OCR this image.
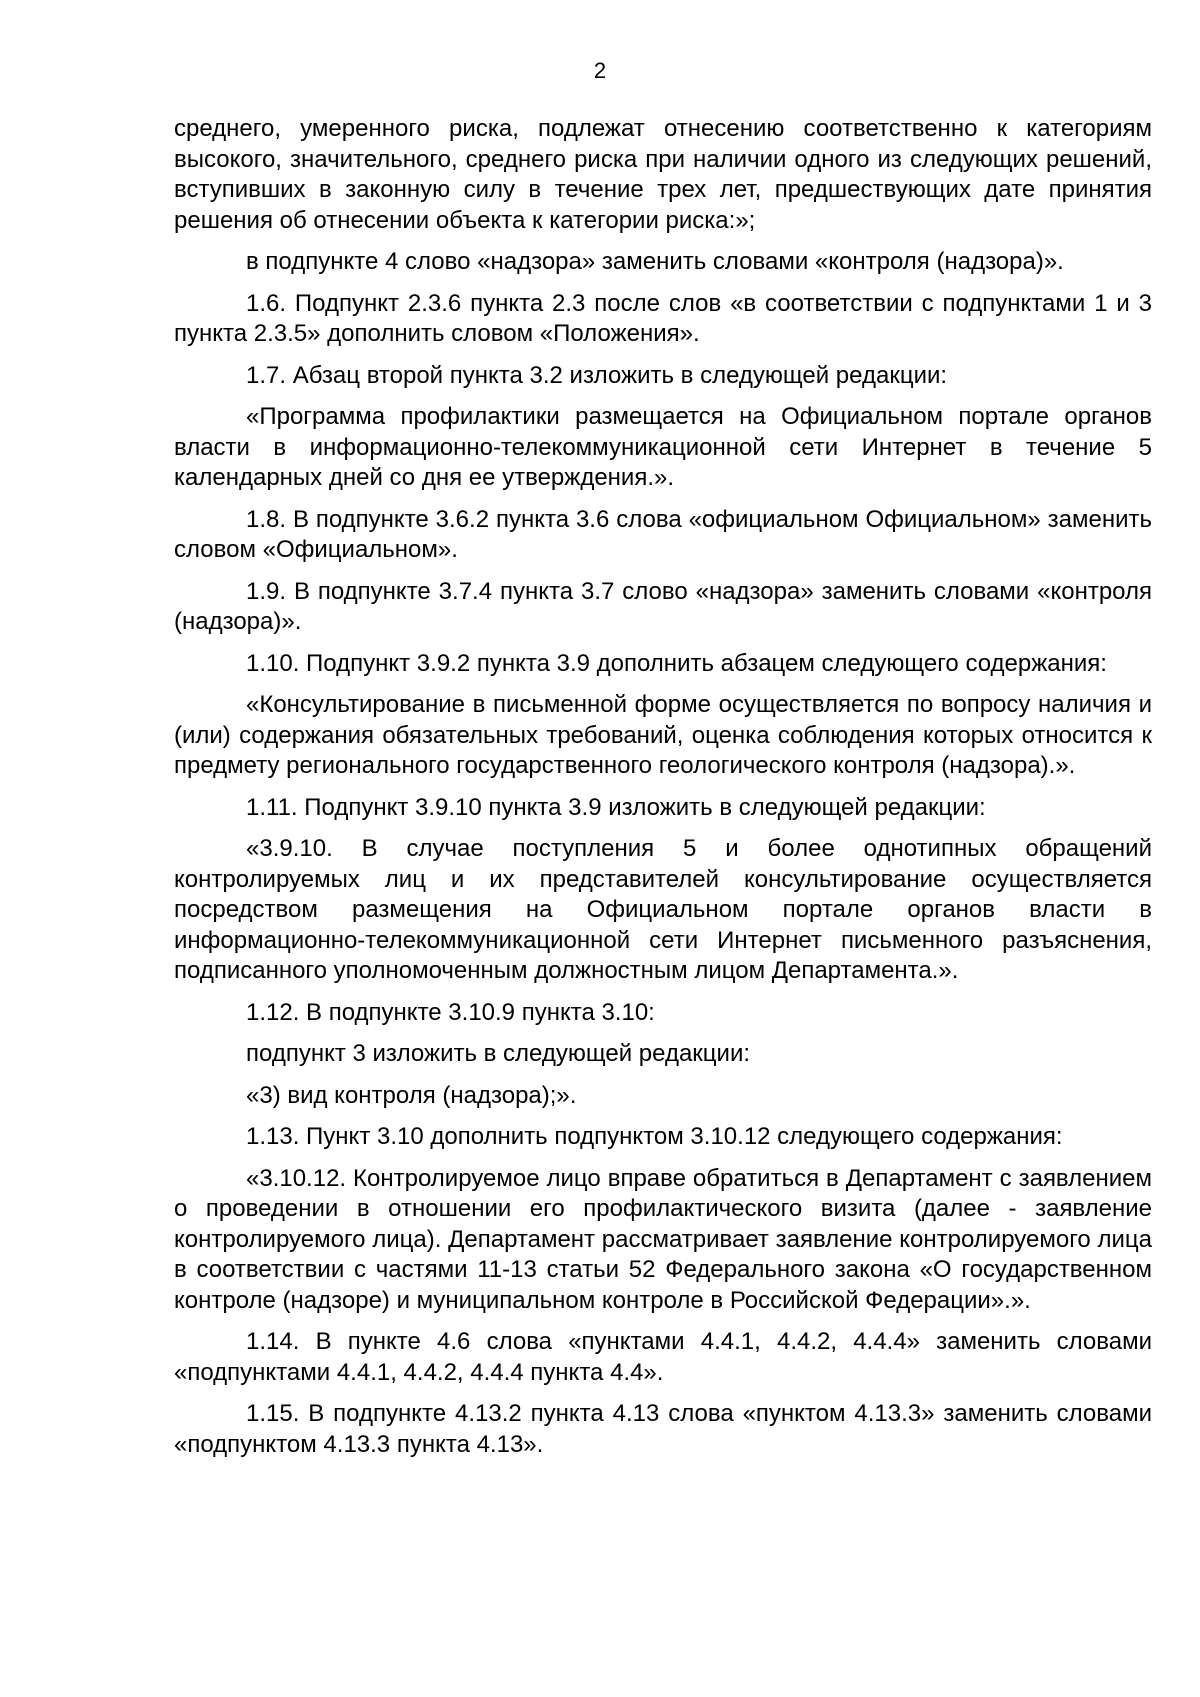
2

среднего, умеренного риска, подлежат отнесению соответственно к категориям высокого, значительного, среднего риска при наличии одного из следующих решений, вступивших в законную силу в течение трех лет, предшествующих дате принятия решения об отнесении объекта к категории риска:»;

в подпункте 4 слово «надзора» заменить словами «контроля (надзора)».

1.6. Подпункт 2.3.6 пункта 2.3 после слов «в соответствии с подпунктами 1 и 3 пункта 2.3.5» дополнить словом «Положения».

1.7. Абзац второй пункта 3.2 изложить в следующей редакции:

«Программа профилактики размещается на Официальном портале органов власти в информационно-телекоммуникационной сети Интернет в течение 5 календарных дней со дня ее утверждения.».

1.8. В подпункте 3.6.2 пункта 3.6 слова «официальном Официальном» заменить словом «Официальном».

1.9. В подпункте 3.7.4 пункта 3.7 слово «надзора» заменить словами «контроля (надзора)».

1.10. Подпункт 3.9.2 пункта 3.9 дополнить абзацем следующего содержания:

«Консультирование в письменной форме осуществляется по вопросу наличия и (или) содержания обязательных требований, оценка соблюдения которых относится к предмету регионального государственного геологического контроля (надзора).».

1.11. Подпункт 3.9.10 пункта 3.9 изложить в следующей редакции:

«3.9.10. В случае поступления 5 и более однотипных обращений контролируемых лиц и их представителей консультирование осуществляется посредством размещения на Официальном портале органов власти в информационно-телекоммуникационной сети Интернет письменного разъяснения, подписанного уполномоченным должностным лицом Департамента.».

1.12. В подпункте 3.10.9 пункта 3.10:

подпункт 3 изложить в следующей редакции:

«3) вид контроля (надзора);».

1.13. Пункт 3.10 дополнить подпунктом 3.10.12 следующего содержания:

«3.10.12. Контролируемое лицо вправе обратиться в Департамент с заявлением о проведении в отношении его профилактического визита (далее - заявление контролируемого лица). Департамент рассматривает заявление контролируемого лица в соответствии с частями 11-13 статьи 52 Федерального закона «О государственном контроле (надзоре) и муниципальном контроле в Российской Федерации».».

1.14. В пункте 4.6 слова «пунктами 4.4.1, 4.4.2, 4.4.4» заменить словами «подпунктами 4.4.1, 4.4.2, 4.4.4 пункта 4.4».

1.15. В подпункте 4.13.2 пункта 4.13 слова «пунктом 4.13.3» заменить словами «подпунктом 4.13.3 пункта 4.13».
